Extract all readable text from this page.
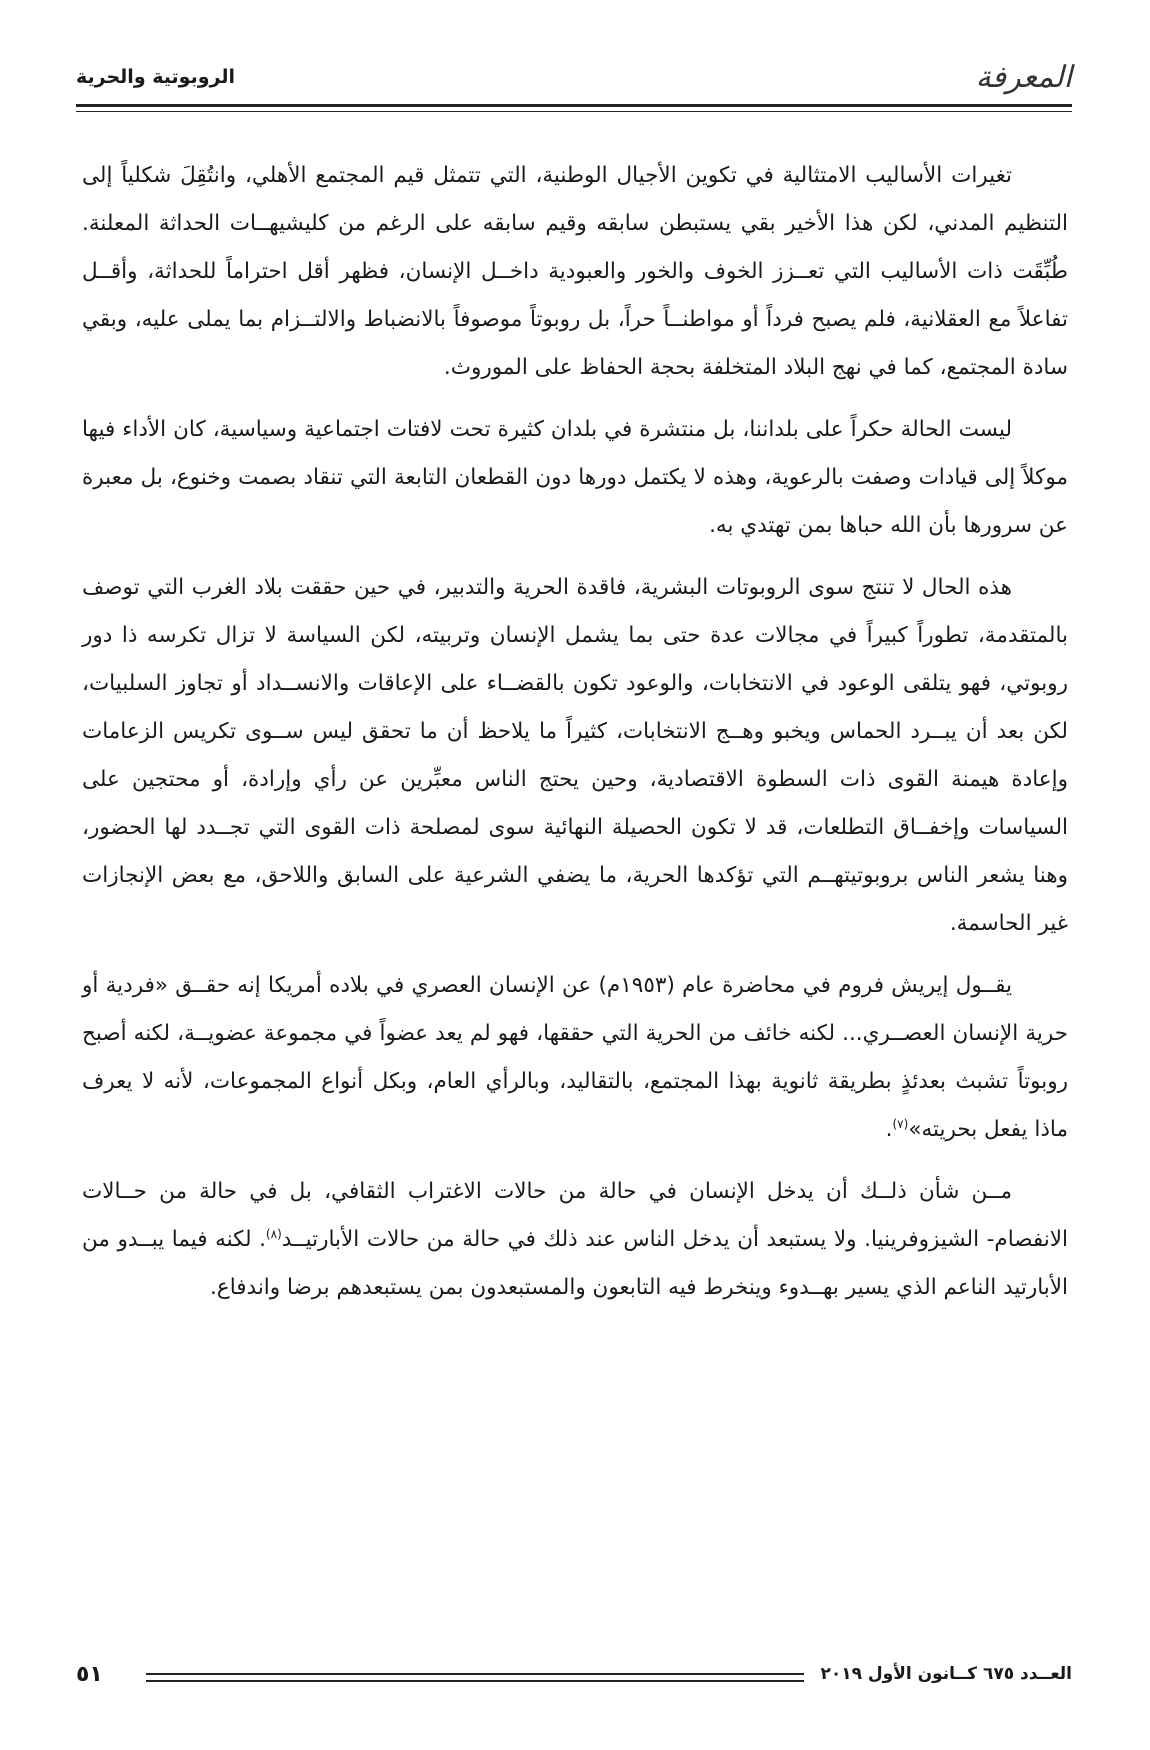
المعرفة
الروبوتية والحرية

تغيرات الأساليب الامتثالية في تكوين الأجيال الوطنية، التي تتمثل قيم المجتمع الأهلي، وانتُقِلَ شكلياً إلى التنظيم المدني، لكن هذا الأخير بقي يستبطن سابقه وقيم سابقه على الرغم من كليشيهــات الحداثة المعلنة. طُبِّقَت ذات الأساليب التي تعــزز الخوف والخور والعبودية داخــل الإنسان، فظهر أقل احتراماً للحداثة، وأقــل تفاعلاً مع العقلانية، فلم يصبح فرداً أو مواطنــاً حراً، بل روبوتاً موصوفاً بالانضباط والالتــزام بما يملى عليه، وبقي سادة المجتمع، كما في نهج البلاد المتخلفة بحجة الحفاظ على الموروث.

ليست الحالة حكراً على بلداننا، بل منتشرة في بلدان كثيرة تحت لافتات اجتماعية وسياسية، كان الأداء فيها موكلاً إلى قيادات وصفت بالرعوية، وهذه لا يكتمل دورها دون القطعان التابعة التي تنقاد بصمت وخنوع، بل معبرة عن سرورها بأن الله حباها بمن تهتدي به.

هذه الحال لا تنتج سوى الروبوتات البشرية، فاقدة الحرية والتدبير، في حين حققت بلاد الغرب التي توصف بالمتقدمة، تطوراً كبيراً في مجالات عدة حتى بما يشمل الإنسان وتربيته، لكن السياسة لا تزال تكرسه ذا دور روبوتي، فهو يتلقى الوعود في الانتخابات، والوعود تكون بالقضــاء على الإعاقات والانســداد أو تجاوز السلبيات، لكن بعد أن يبــرد الحماس ويخبو وهــج الانتخابات، كثيراً ما يلاحظ أن ما تحقق ليس ســوى تكريس الزعامات وإعادة هيمنة القوى ذات السطوة الاقتصادية، وحين يحتج الناس معبِّرين عن رأي وإرادة، أو محتجين على السياسات وإخفــاق التطلعات، قد لا تكون الحصيلة النهائية سوى لمصلحة ذات القوى التي تجــدد لها الحضور، وهنا يشعر الناس بروبوتيتهــم التي تؤكدها الحرية، ما يضفي الشرعية على السابق واللاحق، مع بعض الإنجازات غير الحاسمة.

يقــول إيريش فروم في محاضرة عام (١٩٥٣م) عن الإنسان العصري في بلاده أمريكا إنه حقــق «فردية أو حرية الإنسان العصــري... لكنه خائف من الحرية التي حققها، فهو لم يعد عضواً في مجموعة عضويــة، لكنه أصبح روبوتاً تشبث بعدئذٍ بطريقة ثانوية بهذا المجتمع، بالتقاليد، وبالرأي العام، وبكل أنواع المجموعات، لأنه لا يعرف ماذا يفعل بحريته»$^{(٧)}$.

مــن شأن ذلــك أن يدخل الإنسان في حالة من حالات الاغتراب الثقافي، بل في حالة من حــالات الانفصام- الشيزوفرينيا. ولا يستبعد أن يدخل الناس عند ذلك في حالة من حالات الأبارتيــد$^{(٨)}$. لكنه فيما يبــدو من الأبارتيد الناعم الذي يسير بهــدوء وينخرط فيه التابعون والمستبعدون بمن يستبعدهم برضا واندفاع.

العــدد ٦٧٥ كــانون الأول ٢٠١٩
٥١
